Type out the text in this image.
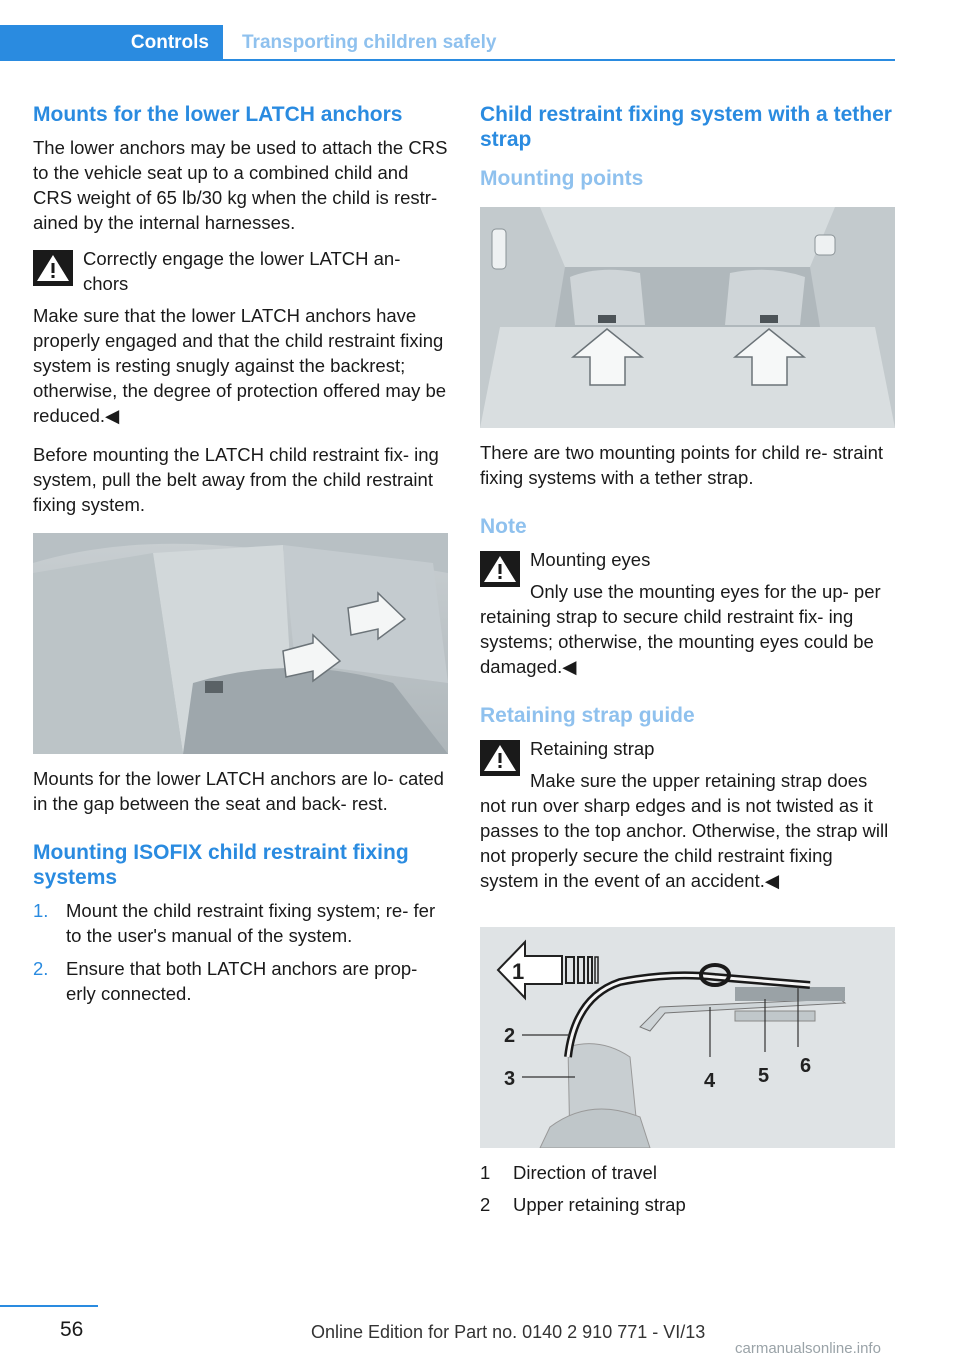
Controls	Transporting children safely
Mounts for the lower LATCH anchors

The lower anchors may be used to attach the CRS to the vehicle seat up to a combined child and CRS weight of 65 lb/30 kg when the child is restr- ained by the internal harnesses.

Correctly engage the lower LATCH an‐ chors

Make sure that the lower LATCH anchors have properly engaged and that the child restraint fixing system is resting snugly against the backrest; otherwise, the degree of protection offered may be reduced.◀

Before mounting the LATCH child restraint fix‐ ing system, pull the belt away from the child restraint fixing system.

Mounts for the lower LATCH anchors are lo‐ cated in the gap between the seat and back‐ rest.

Mounting ISOFIX child restraint fixing systems
1. Mount the child restraint fixing system; re‐ fer to the user's manual of the system.
2. Ensure that both LATCH anchors are prop‐ erly connected.
Child restraint fixing system with a tether strap
Mounting points

There are two mounting points for child re‐ straint fixing systems with a tether strap.

Note

Mounting eyes

Only use the mounting eyes for the up‐ per retaining strap to secure child restraint fix‐ ing systems; otherwise, the mounting eyes could be damaged.◀

Retaining strap guide

Retaining strap

Make sure the upper retaining strap does not run over sharp edges and is not twisted as it passes to the top anchor. Otherwise, the strap will not properly secure the child restraint fixing system in the event of an accident.◀

1
2
3	4 5 6
1	Direction of travel
2	Upper retaining strap
56	Online Edition for Part no. 0140 2 910 771 - VI/13
carmanualsonline.info
